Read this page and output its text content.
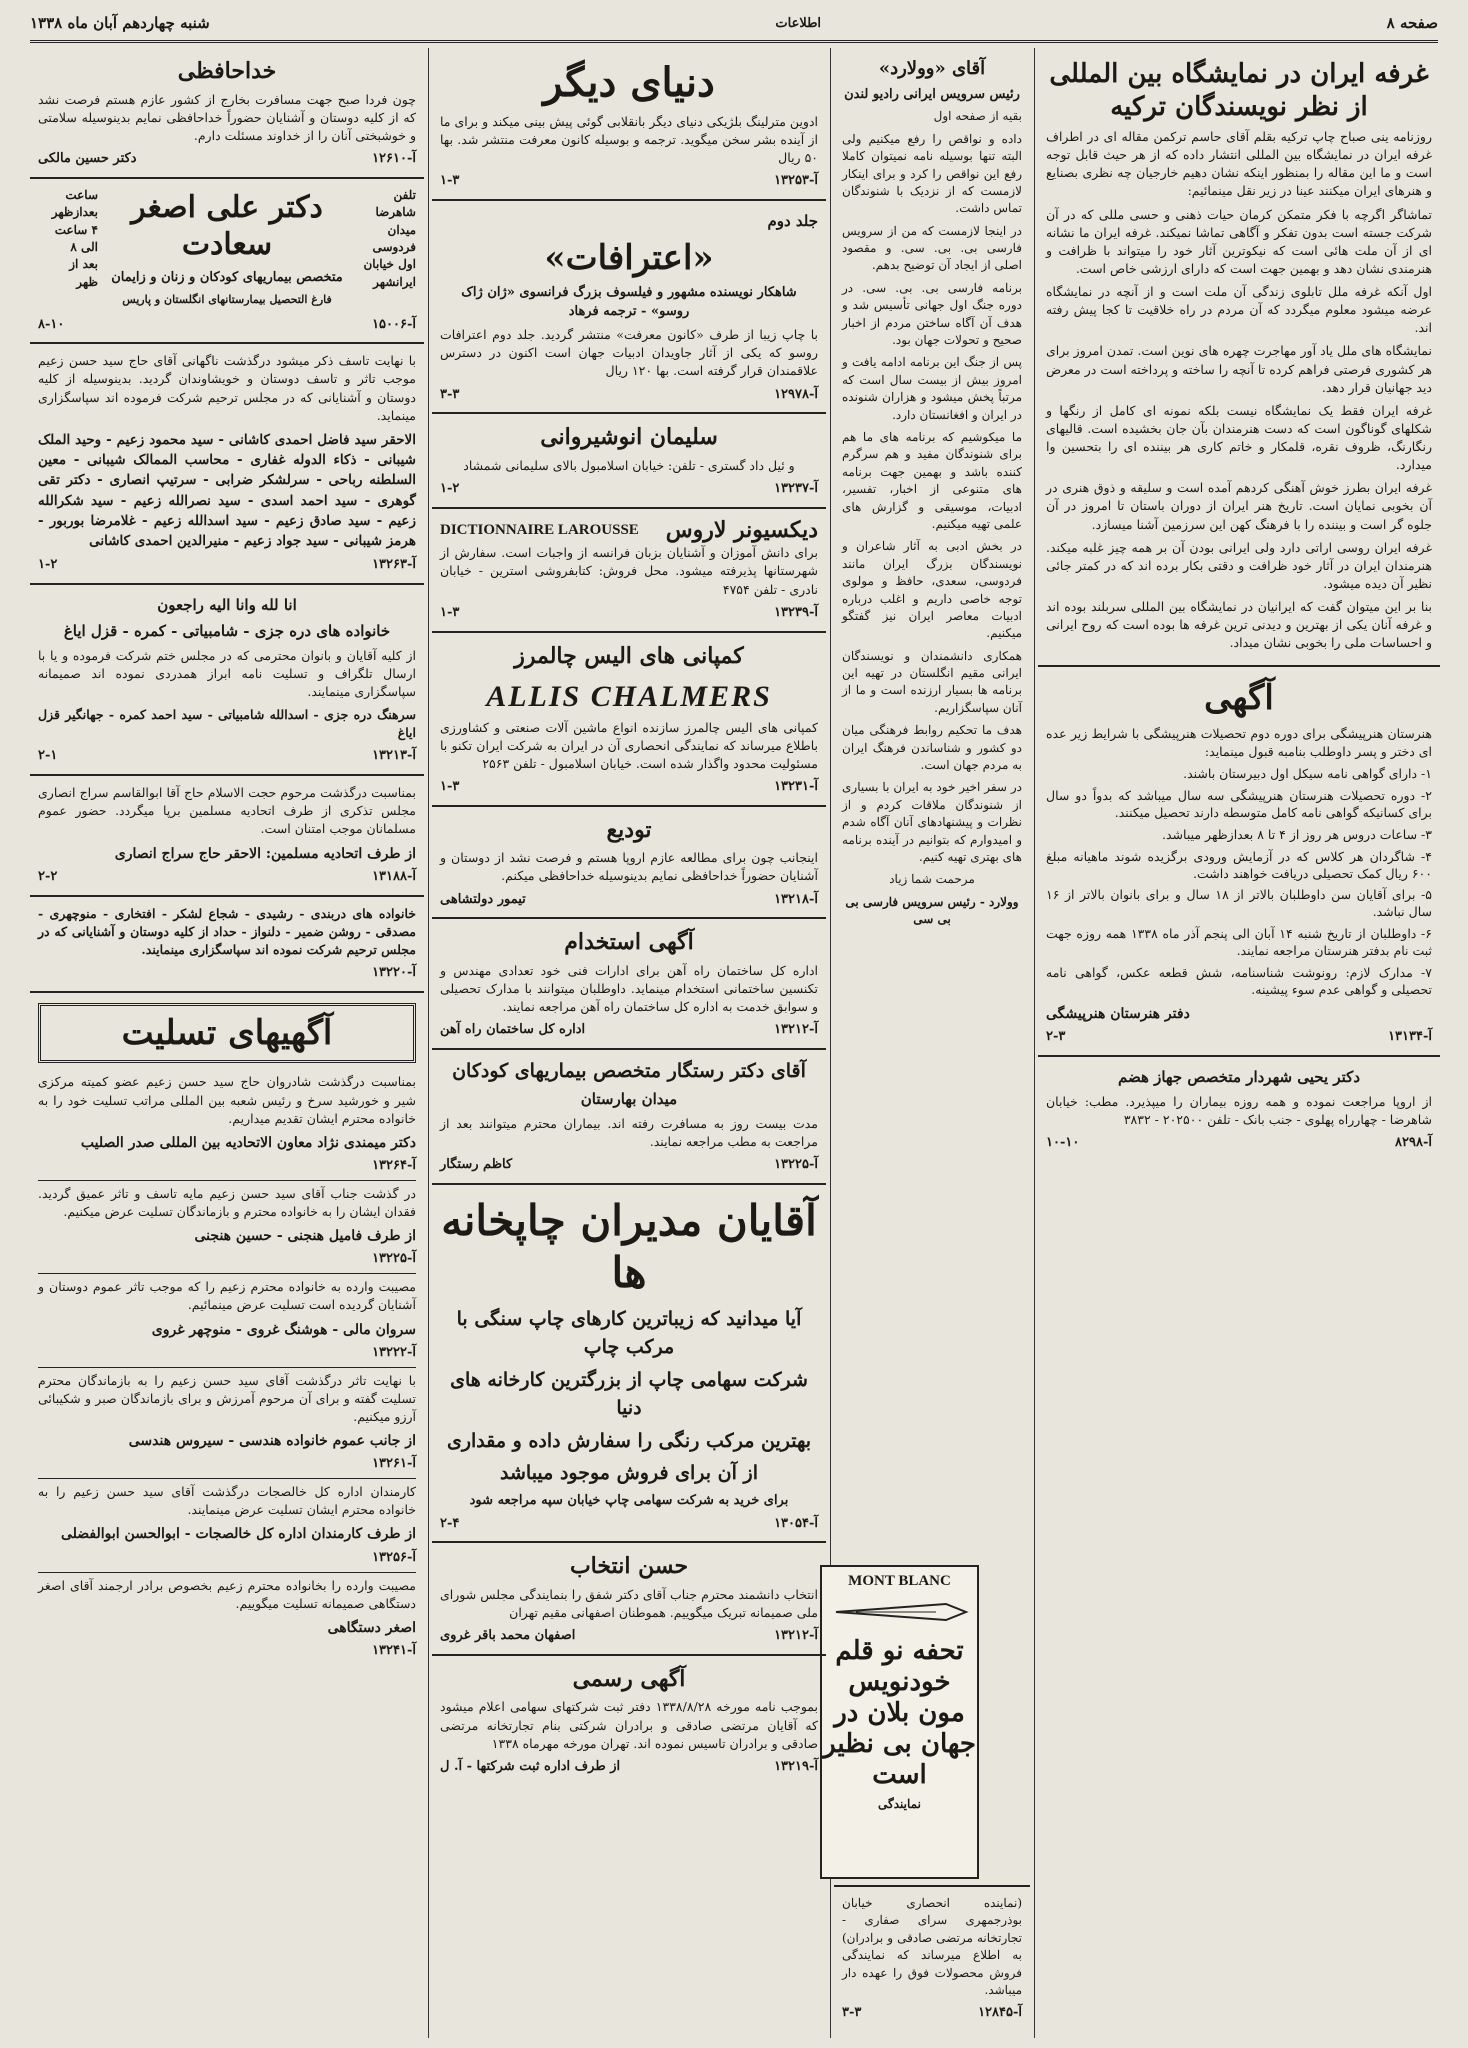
صفحه ۸
اطلاعات
شنبه چهاردهم آبان ماه ۱۳۳۸
غرفه ایران در نمایشگاه بین المللی از نظر نویسندگان ترکیه

روزنامه ینی صباح چاپ ترکیه بقلم آقای حاسم ترکمن مقاله ای در اطراف غرفه ایران در نمایشگاه بین المللی انتشار داده که از هر حیث قابل توجه است و ما این مقاله را بمنظور اینکه نشان دهیم خارجیان چه نظری بصنایع و هنرهای ایران میکنند عینا در زیر نقل مینمائیم:

تماشاگر اگرچه با فکر متمکن کرمان حیات ذهنی و حسی مللی که در آن شرکت جسته است بدون تفکر و آگاهی تماشا نمیکند. غرفه ایران ما نشانه ای از آن ملت هائی است که نیکوترین آثار خود را میتواند با ظرافت و هنرمندی نشان دهد و بهمین جهت است که دارای ارزشی خاص است.

اول آنکه غرفه ملل تابلوی زندگی آن ملت است و از آنچه در نمایشگاه عرضه میشود معلوم میگردد که آن مردم در راه خلاقیت تا کجا پیش رفته اند.

نمایشگاه های ملل یاد آور مهاجرت چهره های نوین است. تمدن امروز برای هر کشوری فرصتی فراهم کرده تا آنچه را ساخته و پرداخته است در معرض دید جهانیان قرار دهد.

غرفه ایران فقط یک نمایشگاه نیست بلکه نمونه ای کامل از رنگها و شکلهای گوناگون است که دست هنرمندان بآن جان بخشیده است. قالیهای رنگارنگ، ظروف نقره، قلمکار و خاتم کاری هر بیننده ای را بتحسین وا میدارد.

غرفه ایران بطرز خوش آهنگی کردهم آمده است و سلیقه و ذوق هنری در آن بخوبی نمایان است. تاریخ هنر ایران از دوران باستان تا امروز در آن جلوه گر است و بیننده را با فرهنگ کهن این سرزمین آشنا میسازد.

غرفه ایران روسی اراتی دارد ولی ایرانی بودن آن بر همه چیز غلبه میکند. هنرمندان ایران در آثار خود ظرافت و دقتی بکار برده اند که در کمتر جائی نظیر آن دیده میشود.

بنا بر این میتوان گفت که ایرانیان در نمایشگاه بین المللی سربلند بوده اند و غرفه آنان یکی از بهترین و دیدنی ترین غرفه ها بوده است که روح ایرانی و احساسات ملی را بخوبی نشان میداد.

آگهی

هنرستان هنرپیشگی برای دوره دوم تحصیلات هنرپیشگی با شرایط زیر عده ای دختر و پسر داوطلب بنامبه قبول مینماید:

۱- دارای گواهی نامه سیکل اول دبیرستان باشند.

۲- دوره تحصیلات هنرستان هنرپیشگی سه سال میباشد که بدواً دو سال برای کسانیکه گواهی نامه کامل متوسطه دارند تحصیل میکنند.

۳- ساعات دروس هر روز از ۴ تا ۸ بعدازظهر میباشد.

۴- شاگردان هر کلاس که در آزمایش ورودی برگزیده شوند ماهیانه مبلغ ۶۰۰ ریال کمک تحصیلی دریافت خواهند داشت.

۵- برای آقایان سن داوطلبان بالاتر از ۱۸ سال و برای بانوان بالاتر از ۱۶ سال نباشد.

۶- داوطلبان از تاریخ شنبه ۱۴ آبان الی پنجم آذر ماه ۱۳۳۸ همه روزه جهت ثبت نام بدفتر هنرستان مراجعه نمایند.

۷- مدارک لازم: رونوشت شناسنامه، شش قطعه عکس، گواهی نامه تحصیلی و گواهی عدم سوء پیشینه.

دفتر هنرستان هنرپیشگی
آ-۱۳۱۳۴
۲-۳
دکتر یحیی شهردار متخصص جهاز هضم

از اروپا مراجعت نموده و همه روزه بیماران را میپذیرد. مطب: خیابان شاهرضا - چهارراه پهلوی - جنب بانک - تلفن ۲۰۲۵۰۰ - ۳۸۳۲

آ-۸۲۹۸
۱۰-۱۰
آقای «وولارد»
رئیس سرویس ایرانی رادیو لندن

بقیه از صفحه اول

داده و نواقص را رفع میکنیم ولی البته تنها بوسیله نامه نمیتوان کاملا رفع این نواقص را کرد و برای اینکار لازمست که از نزدیک با شنوندگان تماس داشت.

در اینجا لازمست که من از سرویس فارسی بی. بی. سی. و مقصود اصلی از ایجاد آن توضیح بدهم.

برنامه فارسی بی. بی. سی. در دوره جنگ اول جهانی تأسیس شد و هدف آن آگاه ساختن مردم از اخبار صحیح و تحولات جهان بود.

پس از جنگ این برنامه ادامه یافت و امروز بیش از بیست سال است که مرتباً پخش میشود و هزاران شنونده در ایران و افغانستان دارد.

ما میکوشیم که برنامه های ما هم برای شنوندگان مفید و هم سرگرم کننده باشد و بهمین جهت برنامه های متنوعی از اخبار، تفسیر، ادبیات، موسیقی و گزارش های علمی تهیه میکنیم.

در بخش ادبی به آثار شاعران و نویسندگان بزرگ ایران مانند فردوسی، سعدی، حافظ و مولوی توجه خاصی داریم و اغلب درباره ادبیات معاصر ایران نیز گفتگو میکنیم.

همکاری دانشمندان و نویسندگان ایرانی مقیم انگلستان در تهیه این برنامه ها بسیار ارزنده است و ما از آنان سپاسگزاریم.

هدف ما تحکیم روابط فرهنگی میان دو کشور و شناساندن فرهنگ ایران به مردم جهان است.

در سفر اخیر خود به ایران با بسیاری از شنوندگان ملاقات کردم و از نظرات و پیشنهادهای آنان آگاه شدم و امیدوارم که بتوانیم در آینده برنامه های بهتری تهیه کنیم.

مرحمت شما زیاد

وولارد - رئیس سرویس فارسی بی بی سی

MONT BLANC
تحفه نو قلم خودنویس مون بلان در جهان بی نظیر است
نمایندگی

(نماینده انحصاری خیابان بوذرجمهری سرای صفاری - تجارتخانه مرتضی صادقی و برادران) به اطلاع میرساند که نمایندگی فروش محصولات فوق را عهده دار میباشد.

آ-۱۲۸۴۵
۳-۳
دنیای دیگر

ادوین مترلینگ بلژیکی دنیای دیگر بانقلابی گوئی پیش بینی میکند و برای ما از آینده بشر سخن میگوید. ترجمه و بوسیله کانون معرفت منتشر شد. بها ۵۰ ریال

آ-۱۳۲۵۳
۱-۳
جلد دوم
«اعترافات»
شاهکار نویسنده مشهور و فیلسوف بزرگ فرانسوی «ژان ژاک روسو» - ترجمه فرهاد

با چاپ زیبا از طرف «کانون معرفت» منتشر گردید. جلد دوم اعترافات روسو که یکی از آثار جاویدان ادبیات جهان است اکنون در دسترس علاقمندان قرار گرفته است. بها ۱۲۰ ریال

آ-۱۲۹۷۸
۳-۳
سلیمان انوشیروانی

و ئیل داد گستری - تلفن: خیابان اسلامبول بالای سلیمانی شمشاد

آ-۱۳۲۳۷
۱-۲
دیکسیونر لاروس
DICTIONNAIRE LAROUSSE

برای دانش آموزان و آشنایان بزبان فرانسه از واجبات است. سفارش از شهرستانها پذیرفته میشود. محل فروش: کتابفروشی استرین - خیابان نادری - تلفن ۴۷۵۴

آ-۱۳۲۳۹
۱-۳
کمپانی های الیس چالمرز
ALLIS CHALMERS

کمپانی های الیس چالمرز سازنده انواع ماشین آلات صنعتی و کشاورزی باطلاع میرساند که نمایندگی انحصاری آن در ایران به شرکت ایران تکنو با مسئولیت محدود واگذار شده است. خیابان اسلامبول - تلفن ۲۵۶۳

آ-۱۳۲۳۱
۱-۳
تودیع

اینجانب چون برای مطالعه عازم اروپا هستم و فرصت نشد از دوستان و آشنایان حضوراً خداحافظی نمایم بدینوسیله خداحافظی میکنم.

آ-۱۳۲۱۸
تیمور دولتشاهی
آگهی استخدام

اداره کل ساختمان راه آهن برای ادارات فنی خود تعدادی مهندس و تکنسین ساختمانی استخدام مینماید. داوطلبان میتوانند با مدارک تحصیلی و سوابق خدمت به اداره کل ساختمان راه آهن مراجعه نمایند.

آ-۱۳۲۱۲
اداره کل ساختمان راه آهن
آقای دکتر رستگار متخصص بیماریهای کودکان
میدان بهارستان

مدت بیست روز به مسافرت رفته اند. بیماران محترم میتوانند بعد از مراجعت به مطب مراجعه نمایند.

آ-۱۳۲۲۵
کاظم رستگار
آقایان مدیران چاپخانه ها
آیا میدانید که زیباترین کارهای چاپ سنگی با مرکب چاپ
شرکت سهامی چاپ از بزرگترین کارخانه های دنیا
بهترین مرکب رنگی را سفارش داده و مقداری
از آن برای فروش موجود میباشد
برای خرید به شرکت سهامی چاپ خیابان سپه مراجعه شود
آ-۱۳۰۵۴
۲-۴
حسن انتخاب

انتخاب دانشمند محترم جناب آقای دکتر شفق را بنمایندگی مجلس شورای ملی صمیمانه تبریک میگوییم. هموطنان اصفهانی مقیم تهران

آ-۱۳۲۱۲
اصفهان محمد باقر غروی
آگهی رسمی

بموجب نامه مورخه ۱۳۳۸/۸/۲۸ دفتر ثبت شرکتهای سهامی اعلام میشود که آقایان مرتضی صادقی و برادران شرکتی بنام تجارتخانه مرتضی صادقی و برادران تاسیس نموده اند. تهران مورخه مهرماه ۱۳۳۸

آ-۱۳۲۱۹
از طرف اداره ثبت شرکتها - آ. ل
خداحافظی

چون فردا صبح جهت مسافرت بخارج از کشور عازم هستم فرصت نشد که از کلیه دوستان و آشنایان حضوراً خداحافظی نمایم بدینوسیله سلامتی و خوشبختی آنان را از خداوند مسئلت دارم.

آ-۱۲۶۱۰
دکتر حسین مالکی
تلفن
شاهرضا
میدان
فردوسی
اول خیابان
ایرانشهر
دکتر علی اصغر سعادت
متخصص بیماریهای کودکان و زنان و زایمان
فارغ التحصیل بیمارستانهای انگلستان و پاریس
ساعت
بعدازظهر
۴ ساعت
الی ۸
بعد از
ظهر
آ-۱۵۰۰۶
۸-۱۰

با نهایت تاسف ذکر میشود درگذشت ناگهانی آقای حاج سید حسن زعیم موجب تاثر و تاسف دوستان و خویشاوندان گردید. بدینوسیله از کلیه دوستان و آشنایانی که در مجلس ترحیم شرکت فرموده اند سپاسگزاری مینماید.

الاحقر سید فاضل احمدی کاشانی - سید محمود زعیم - وحید الملک شیبانی - ذکاء الدوله غفاری - محاسب الممالک شیبانی - معین السلطنه رباحی - سرلشکر ضرابی - سرتیپ انصاری - دکتر تقی گوهری - سید احمد اسدی - سید نصرالله زعیم - سید شکرالله زعیم - سید صادق زعیم - سید اسدالله زعیم - غلامرضا بوربور - هرمز شیبانی - سید جواد زعیم - منیرالدین احمدی کاشانی

آ-۱۳۲۶۳
۱-۲
انا لله وانا الیه راجعون
خانواده های دره جزی - شامبیاتی - کمره - قزل ایاغ

از کلیه آقایان و بانوان محترمی که در مجلس ختم شرکت فرموده و یا با ارسال تلگراف و تسلیت نامه ابراز همدردی نموده اند صمیمانه سپاسگزاری مینمایند.

سرهنگ دره جزی - اسدالله شامبیاتی - سید احمد کمره - جهانگیر قزل ایاغ

آ-۱۳۲۱۳
۲-۱

بمناسبت درگذشت مرحوم حجت الاسلام حاج آقا ابوالقاسم سراج انصاری مجلس تذکری از طرف اتحادیه مسلمین برپا میگردد. حضور عموم مسلمانان موجب امتنان است.

از طرف اتحادیه مسلمین: الاحقر حاج سراج انصاری
آ-۱۳۱۸۸
۲-۲

خانواده های دربندی - رشیدی - شجاع لشکر - افتخاری - منوچهری - مصدقی - روشن ضمیر - دلنواز - حداد از کلیه دوستان و آشنایانی که در مجلس ترحیم شرکت نموده اند سپاسگزاری مینمایند.

آ-۱۳۲۲۰
آگهیهای تسلیت

بمناسبت درگذشت شادروان حاج سید حسن زعیم عضو کمیته مرکزی شیر و خورشید سرخ و رئیس شعبه بین المللی مراتب تسلیت خود را به خانواده محترم ایشان تقدیم میداریم.

دکتر میمندی نژاد معاون الاتحادیه بین المللی صدر الصلیب
آ-۱۳۲۶۴

در گذشت جناب آقای سید حسن زعیم مایه تاسف و تاثر عمیق گردید. فقدان ایشان را به خانواده محترم و بازماندگان تسلیت عرض میکنیم.

از طرف فامیل هنجنی - حسین هنجنی
آ-۱۳۲۲۵

مصیبت وارده به خانواده محترم زعیم را که موجب تاثر عموم دوستان و آشنایان گردیده است تسلیت عرض مینمائیم.

سروان مالی - هوشنگ غروی - منوچهر غروی
آ-۱۳۲۲۲

با نهایت تاثر درگذشت آقای سید حسن زعیم را به بازماندگان محترم تسلیت گفته و برای آن مرحوم آمرزش و برای بازماندگان صبر و شکیبائی آرزو میکنیم.

از جانب عموم خانواده هندسی - سیروس هندسی
آ-۱۳۲۶۱

کارمندان اداره کل خالصجات درگذشت آقای سید حسن زعیم را به خانواده محترم ایشان تسلیت عرض مینمایند.

از طرف کارمندان اداره کل خالصجات - ابوالحسن ابوالفضلی
آ-۱۳۲۵۶

مصیبت وارده را بخانواده محترم زعیم بخصوص برادر ارجمند آقای اصغر دستگاهی صمیمانه تسلیت میگوییم.

اصغر دستگاهی
آ-۱۳۲۴۱
